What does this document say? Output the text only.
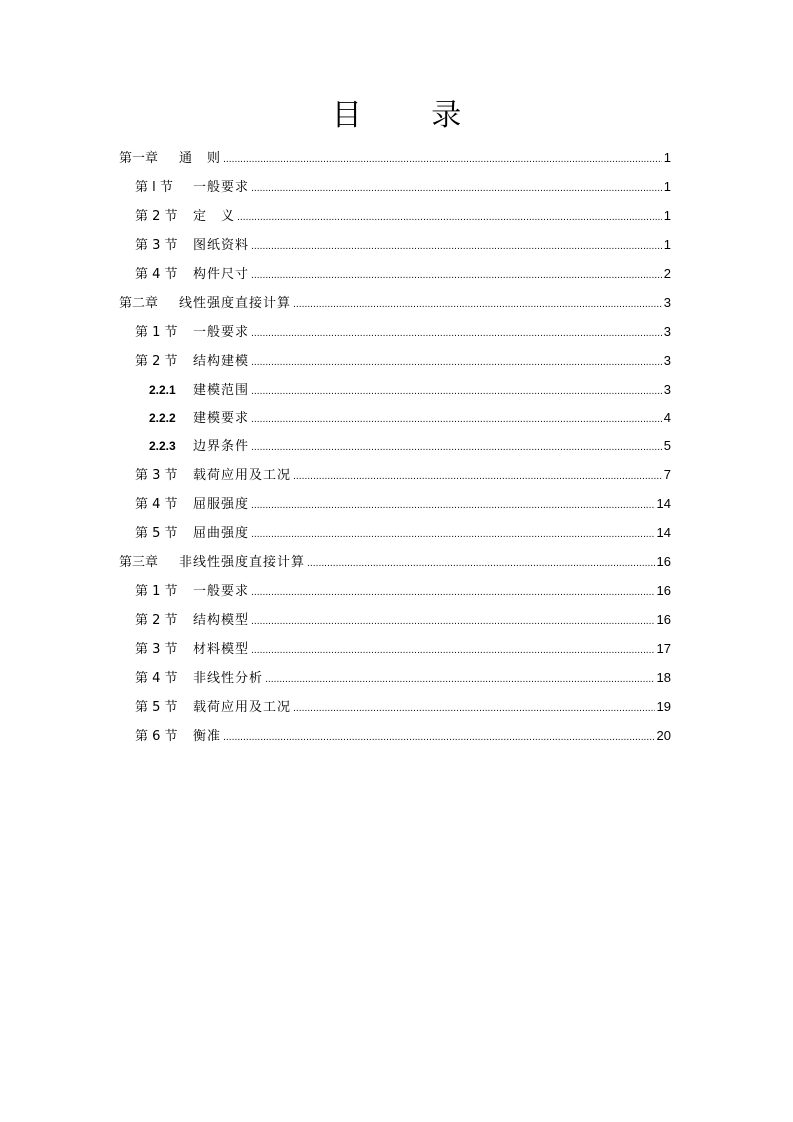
目 录
第一章	通　则 .....	1
第 l 节	一般要求 .....	1
第 2 节	定　义 .....	1
第 3 节	图纸资料 .....	1
第 4 节	构件尺寸 .....	2
第二章	线性强度直接计算 .....	3
第 1 节	一般要求 .....	3
第 2 节	结构建模 .....	3
2.2.1	建模范围 .....	3
2.2.2	建模要求 .....	4
2.2.3	边界条件 .....	5
第 3 节	载荷应用及工况 .....	7
第 4 节	屈服强度 .....	14
第 5 节	屈曲强度 .....	14
第三章	非线性强度直接计算 .....	16
第 1 节	一般要求 .....	16
第 2 节	结构模型 .....	16
第 3 节	材料模型 .....	17
第 4 节	非线性分析 .....	18
第 5 节	载荷应用及工况 .....	19
第 6 节	衡准 .....	20
